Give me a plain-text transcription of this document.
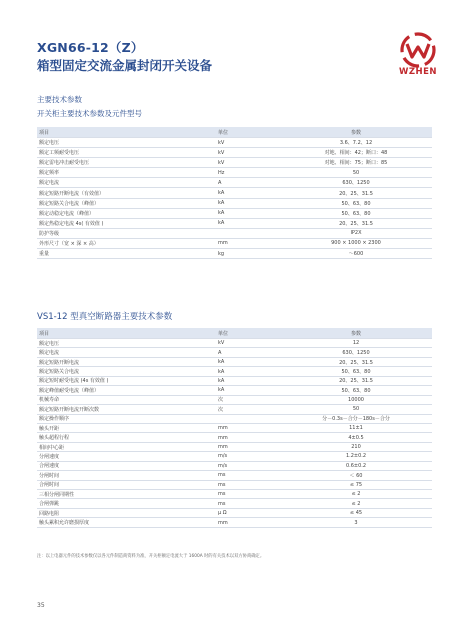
XGN66-12（Z）
箱型固定交流金属封闭开关设备	WZHEN
主要技术参数
开关柜主要技术参数及元件型号
项目	单位	参数
额定电压	kV	3.6、7.2、12
额定工频耐受电压	kV	对地、相间：42；断口：48
额定雷电冲击耐受电压	kV	对地、相间：75；断口：85
额定频率	Hz	50
额定电流	A	630、1250
额定短路开断电流（有效值）	kA	20、25、31.5
额定短路关合电流（峰值）	kA	50、63、80
额定动稳定电流（峰值）	kA	50、63、80
额定热稳定电流 4s( 有效值 )	kA	20、25、31.5
防护等级		IP2X
外形尺寸（宽 × 深 × 高）	mm	900 × 1000 × 2300
重量	kg	～600
VS1-12 型真空断路器主要技术参数
项目	单位	参数
额定电压	kV	12
额定电流	A	630、1250
额定短路开断电流	kA	20、25、31.5
额定短路关合电流	kA	50、63、80
额定短时耐受电流 (4s 有效值 )	kA	20、25、31.5
额定峰值耐受电流（峰值）	kA	50、63、80
机械寿命	次	10000
额定短路开断电流开断次数	次	50
额定操作顺序		分－0.3s－合分－180s－合分
触头开距	mm	11±1
触头超程行程	mm	4±0.5
相间中心距	mm	210
分闸速度	m/s	1.2±0.2
合闸速度	m/s	0.6±0.2
分闸时间	ms	＜ 60
合闸时间	ms	≤ 75
三相分闸同期性	ms	≤ 2
合闸弹跳	ms	≤ 2
回路电阻	μ Ω	≤ 45
触头累积允许磨损厚度	mm	3
注：以上电器元件的技术参数仅以各元件制造商资料为准，开关柜额定电流大于 1600A 时的有关技术以双方协商确定。
35
